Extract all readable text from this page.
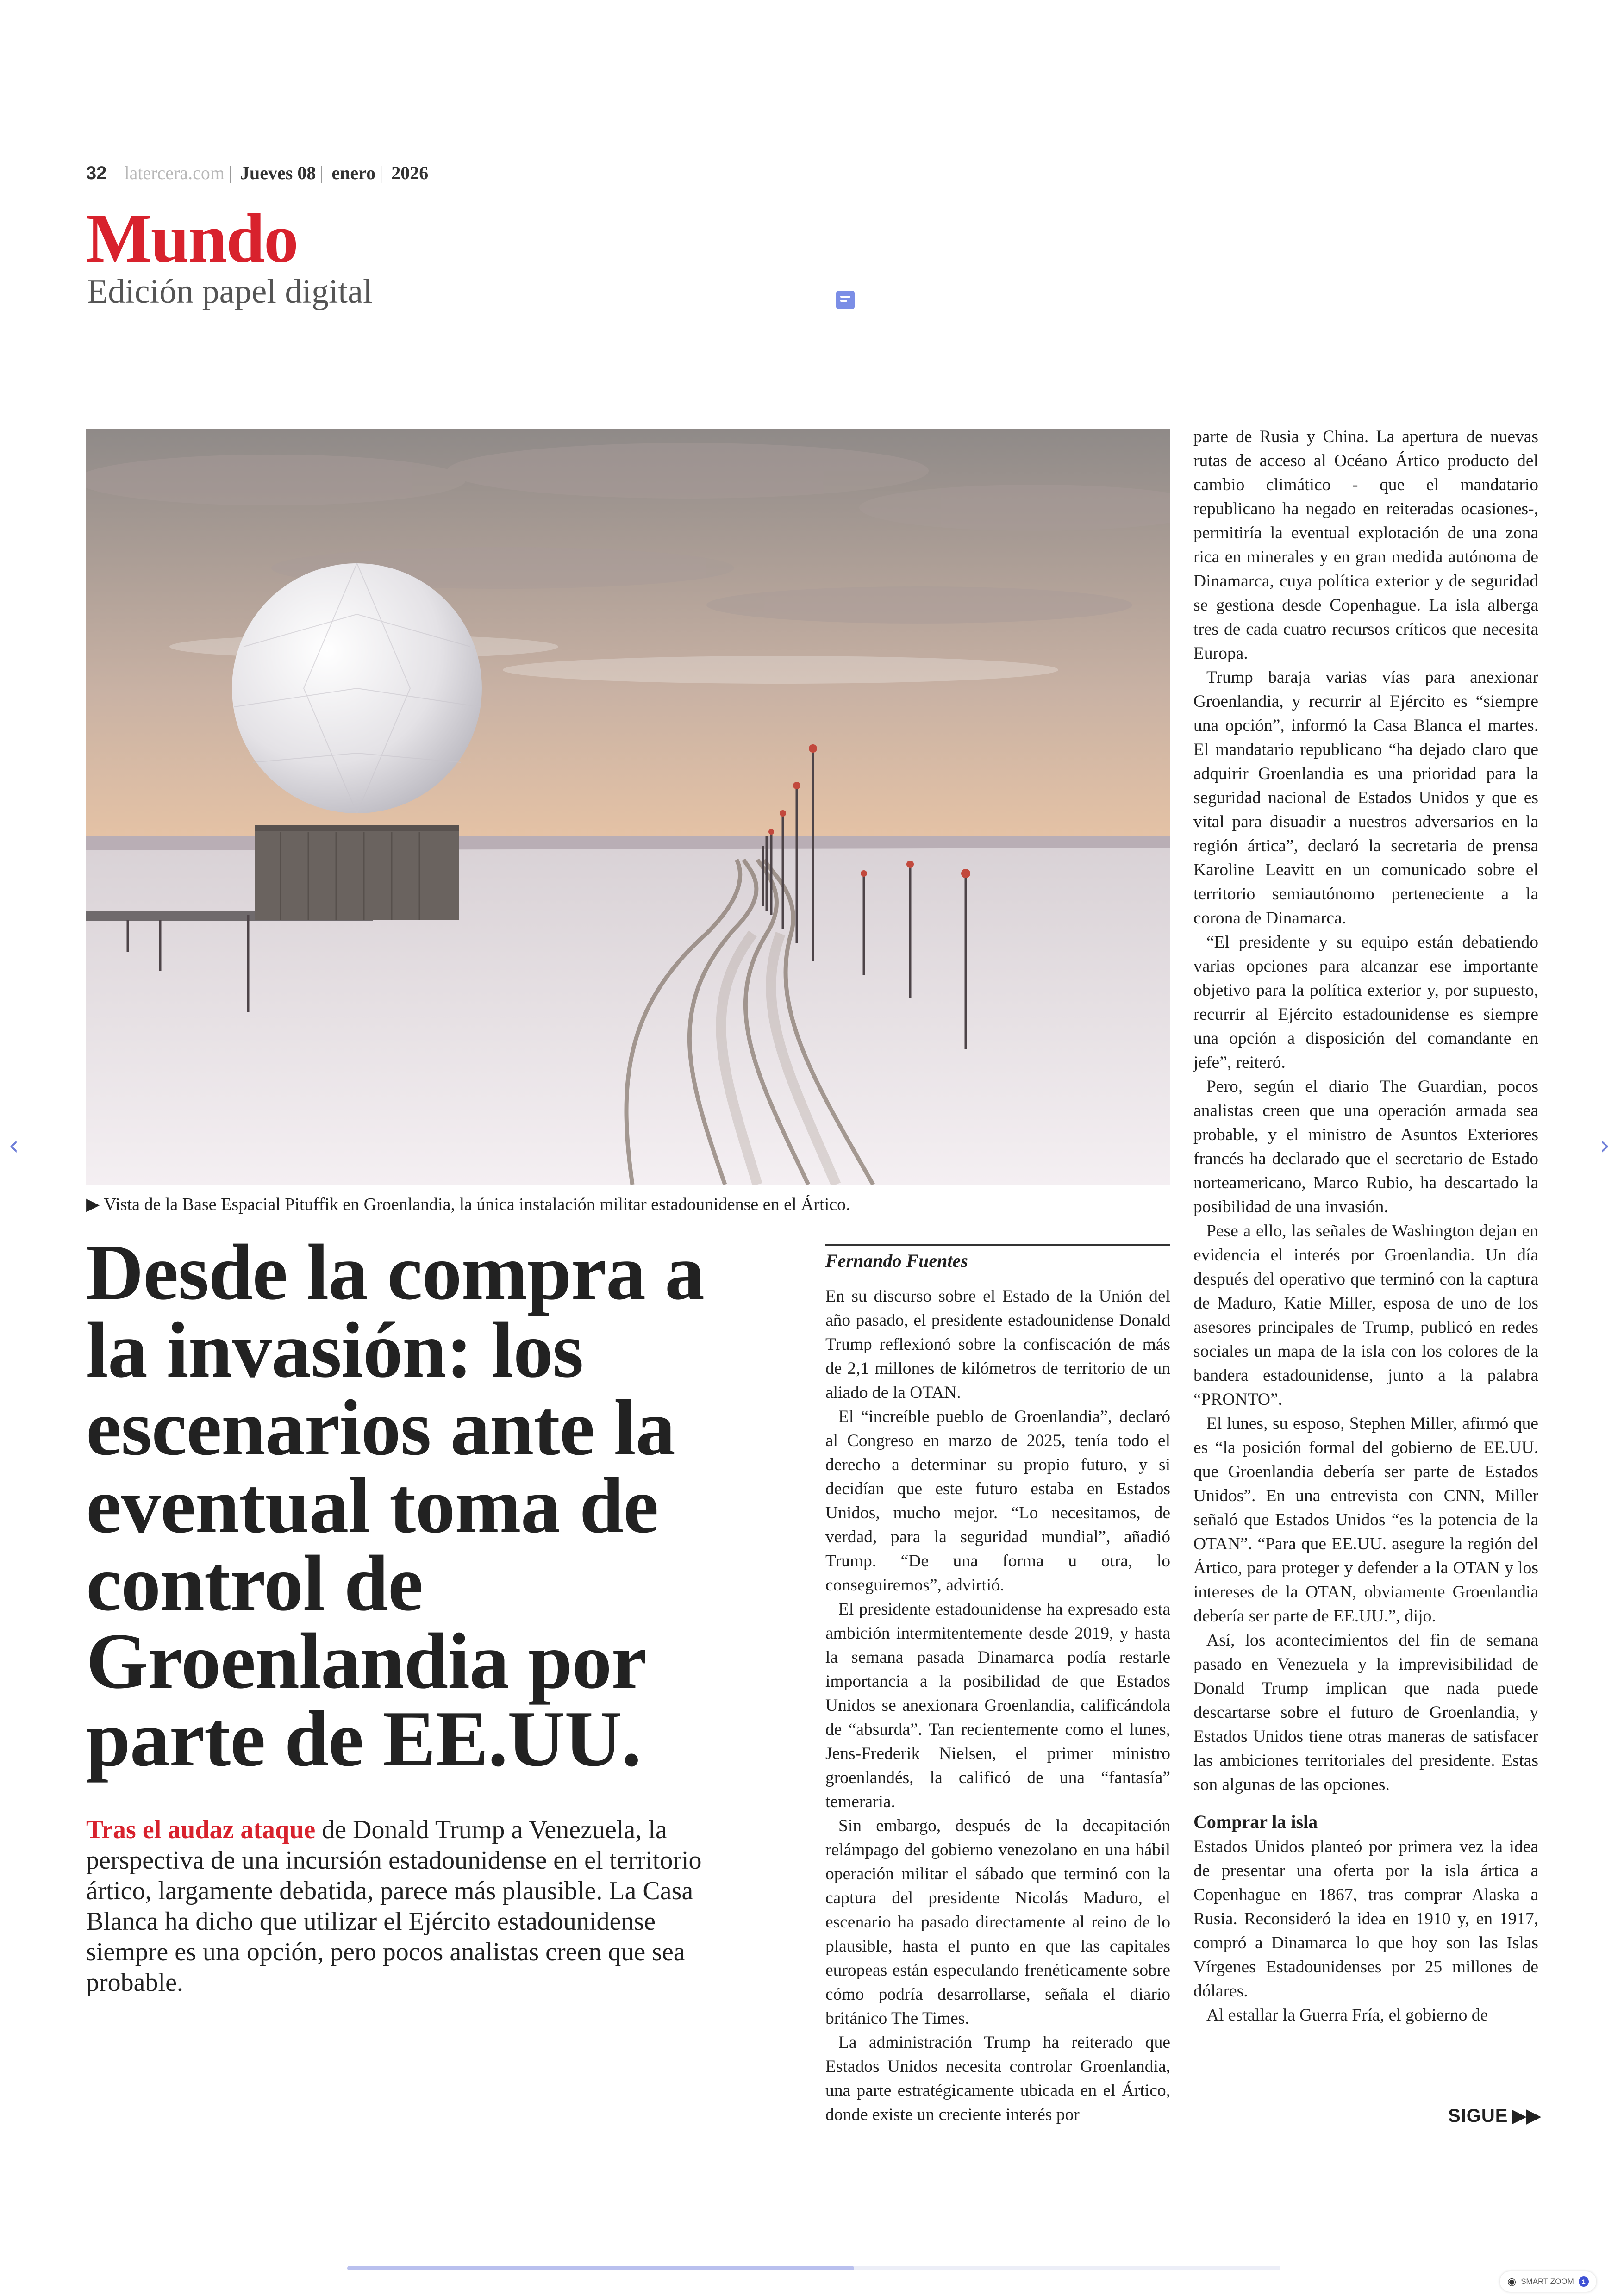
32 latercera.com | Jueves 08 | enero | 2026
Mundo
Edición papel digital
▶ Vista de la Base Espacial Pituffik en Groenlandia, la única instalación militar estadounidense en el Ártico.
Desde la compra a la invasión: los escenarios ante la eventual toma de control de Groenlandia por parte de EE.UU.
Tras el audaz ataque de Donald Trump a Venezuela, la perspectiva de una incursión estadounidense en el territorio ártico, largamente debatida, parece más plausible. La Casa Blanca ha dicho que utilizar el Ejército estadounidense siempre es una opción, pero pocos analistas creen que sea probable.
Fernando Fuentes

En su discurso sobre el Estado de la Unión del año pasado, el presidente estadounidense Donald Trump reflexionó sobre la confiscación de más de 2,1 millones de kilómetros de territorio de un aliado de la OTAN.

El “increíble pueblo de Groenlandia”, declaró al Congreso en marzo de 2025, tenía todo el derecho a determinar su propio futuro, y si decidían que este futuro estaba en Estados Unidos, mucho mejor. “Lo necesitamos, de verdad, para la seguridad mundial”, añadió Trump. “De una forma u otra, lo conseguiremos”, advirtió.

El presidente estadounidense ha expresado esta ambición intermitentemente desde 2019, y hasta la semana pasada Dinamarca podía restarle importancia a la posibilidad de que Estados Unidos se anexionara Groenlandia, calificándola de “absurda”. Tan recientemente como el lunes, Jens-Frederik Nielsen, el primer ministro groenlandés, la calificó de una “fantasía” temeraria.

Sin embargo, después de la decapitación relámpago del gobierno venezolano en una hábil operación militar el sábado que terminó con la captura del presidente Nicolás Maduro, el escenario ha pasado directamente al reino de lo plausible, hasta el punto en que las capitales europeas están especulando frenéticamente sobre cómo podría desarrollarse, señala el diario británico The Times.

La administración Trump ha reiterado que Estados Unidos necesita controlar Groenlandia, una parte estratégicamente ubicada en el Ártico, donde existe un creciente interés por

parte de Rusia y China. La apertura de nuevas rutas de acceso al Océano Ártico producto del cambio climático - que el mandatario republicano ha negado en reiteradas ocasiones-, permitiría la eventual explotación de una zona rica en minerales y en gran medida autónoma de Dinamarca, cuya política exterior y de seguridad se gestiona desde Copenhague. La isla alberga tres de cada cuatro recursos críticos que necesita Europa.

Trump baraja varias vías para anexionar Groenlandia, y recurrir al Ejército es “siempre una opción”, informó la Casa Blanca el martes. El mandatario republicano “ha dejado claro que adquirir Groenlandia es una prioridad para la seguridad nacional de Estados Unidos y que es vital para disuadir a nuestros adversarios en la región ártica”, declaró la secretaria de prensa Karoline Leavitt en un comunicado sobre el territorio semiautónomo perteneciente a la corona de Dinamarca.

“El presidente y su equipo están debatiendo varias opciones para alcanzar ese importante objetivo para la política exterior y, por supuesto, recurrir al Ejército estadounidense es siempre una opción a disposición del comandante en jefe”, reiteró.

Pero, según el diario The Guardian, pocos analistas creen que una operación armada sea probable, y el ministro de Asuntos Exteriores francés ha declarado que el secretario de Estado norteamericano, Marco Rubio, ha descartado la posibilidad de una invasión.

Pese a ello, las señales de Washington dejan en evidencia el interés por Groenlandia. Un día después del operativo que terminó con la captura de Maduro, Katie Miller, esposa de uno de los asesores principales de Trump, publicó en redes sociales un mapa de la isla con los colores de la bandera estadounidense, junto a la palabra “PRONTO”.

El lunes, su esposo, Stephen Miller, afirmó que es “la posición formal del gobierno de EE.UU. que Groenlandia debería ser parte de Estados Unidos”. En una entrevista con CNN, Miller señaló que Estados Unidos “es la potencia de la OTAN”. “Para que EE.UU. asegure la región del Ártico, para proteger y defender a la OTAN y los intereses de la OTAN, obviamente Groenlandia debería ser parte de EE.UU.”, dijo.

Así, los acontecimientos del fin de semana pasado en Venezuela y la imprevisibilidad de Donald Trump implican que nada puede descartarse sobre el futuro de Groenlandia, y Estados Unidos tiene otras maneras de satisfacer las ambiciones territoriales del presidente. Estas son algunas de las opciones.

Comprar la isla

Estados Unidos planteó por primera vez la idea de presentar una oferta por la isla ártica a Copenhague en 1867, tras comprar Alaska a Rusia. Reconsideró la idea en 1910 y, en 1917, compró a Dinamarca lo que hoy son las Islas Vírgenes Estadounidenses por 25 millones de dólares.

Al estallar la Guerra Fría, el gobierno de

SIGUE ▶▶
‹	›
◉ SMART ZOOM	1
